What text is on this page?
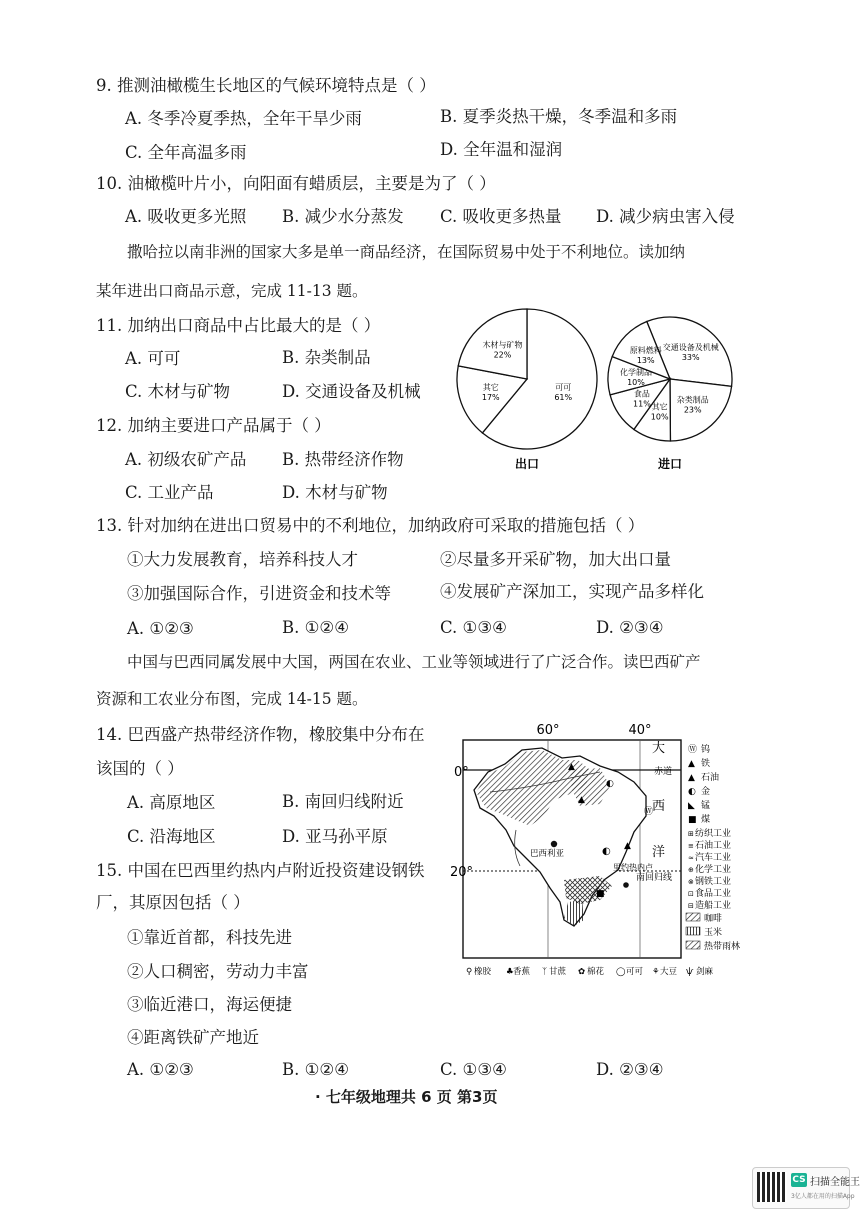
9. 推测油橄榄生长地区的气候环境特点是（ ）
A. 冬季冷夏季热，全年干旱少雨	B. 夏季炎热干燥，冬季温和多雨
C. 全年高温多雨	D. 全年温和湿润
10. 油橄榄叶片小，向阳面有蜡质层，主要是为了（ ）
A. 吸收更多光照 B. 减少水分蒸发 C. 吸收更多热量 D. 减少病虫害入侵
撒哈拉以南非洲的国家大多是单一商品经济，在国际贸易中处于不利地位。读加纳
某年进出口商品示意，完成 11-13 题。
11. 加纳出口商品中占比最大的是（ ）
A. 可可	B. 杂类制品
C. 木材与矿物	D. 交通设备及机械
12. 加纳主要进口产品属于（ ）
A. 初级农矿产品 B. 热带经济作物
C. 工业产品	D. 木材与矿物
可可 61%
其它 17%
木材与矿物 22%
交通设备及机械 33%
杂类制品 23%
其它 10%
食品 11%
化学制品 10%
原料燃料 13%
出口	进口
13. 针对加纳在进出口贸易中的不利地位，加纳政府可采取的措施包括（ ）
①大力发展教育，培养科技人才	②尽量多开采矿物，加大出口量
③加强国际合作，引进资金和技术等	④发展矿产深加工，实现产品多样化
A. ①②③	B. ①②④	C. ①③④	D. ②③④
中国与巴西同属发展中大国，两国在农业、工业等领域进行了广泛合作。读巴西矿产
资源和工农业分布图，完成 14-15 题。
14. 巴西盛产热带经济作物，橡胶集中分布在
该国的（ ）
A. 高原地区	B. 南回归线附近
C. 沿海地区	D. 亚马孙平原
15. 中国在巴西里约热内卢附近投资建设钢铁
厂，其原因包括（ ）
①靠近首都，科技先进
②人口稠密，劳动力丰富
③临近港口，海运便捷
④距离铁矿产地近
A. ①②③	B. ①②④	C. ①③④	D. ②③④
60°	40°
0°
20°
巴西利亚
里约热内卢
▲
▲
◐
▲
◐
Ⓦ
■
大
西
洋
赤道
南回归线
Ⓦ 钨
▲ 铁
▲ 石油
◐ 金
◣ 锰
■ 煤
⊞ 纺织工业
≡ 石油工业
≈ 汽车工业
⊕ 化学工业
⊗ 钢铁工业
⊡ 食品工业
⊟ 造船工业
咖啡
玉米
热带雨林
⚲ 橡胶 ♣ 香蕉 ᛉ 甘蔗 ✿ 棉花 ◯ 可可 ⚘ 大豆 ѱ 剑麻
· 七年级地理共 6 页 第3页
CS 扫描全能王
3亿人都在用的扫描App
